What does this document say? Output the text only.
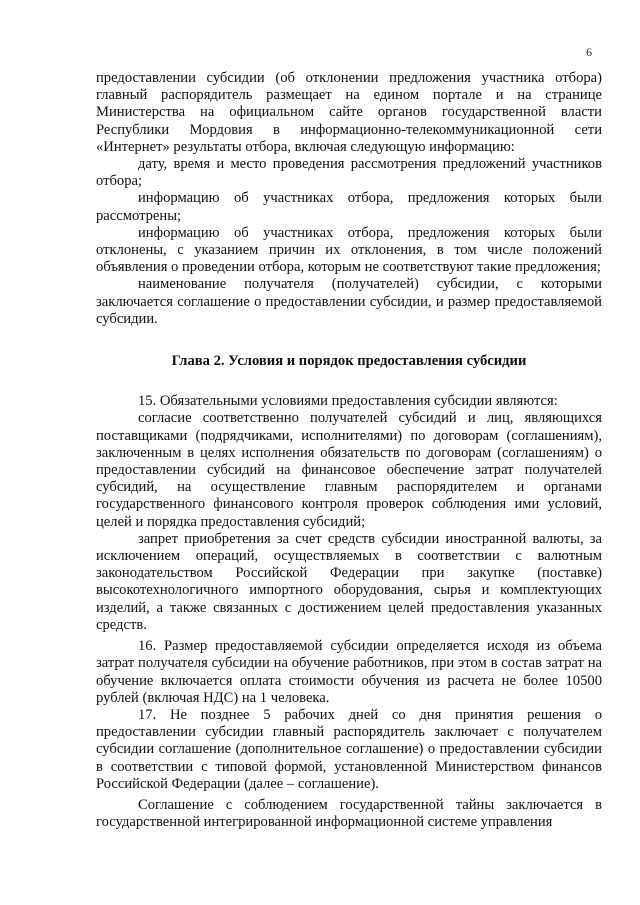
6

предоставлении субсидии (об отклонении предложения участника отбора) главный распорядитель размещает на едином портале и на странице Министерства на официальном сайте органов государственной власти Республики Мордовия в информационно-телекоммуникационной сети «Интернет» результаты отбора, включая следующую информацию:

дату, время и место проведения рассмотрения предложений участников отбора;

информацию об участниках отбора, предложения которых были рассмотрены;

информацию об участниках отбора, предложения которых были отклонены, с указанием причин их отклонения, в том числе положений объявления о проведении отбора, которым не соответствуют такие предложения;

наименование получателя (получателей) субсидии, с которыми заключается соглашение о предоставлении субсидии, и размер предоставляемой субсидии.

Глава 2. Условия и порядок предоставления субсидии

15. Обязательными условиями предоставления субсидии являются:

согласие соответственно получателей субсидий и лиц, являющихся поставщиками (подрядчиками, исполнителями) по договорам (соглашениям), заключенным в целях исполнения обязательств по договорам (соглашениям) о предоставлении субсидий на финансовое обеспечение затрат получателей субсидий, на осуществление главным распорядителем и органами государственного финансового контроля проверок соблюдения ими условий, целей и порядка предоставления субсидий;

запрет приобретения за счет средств субсидии иностранной валюты, за исключением операций, осуществляемых в соответствии с валютным законодательством Российской Федерации при закупке (поставке) высокотехнологичного импортного оборудования, сырья и комплектующих изделий, а также связанных с достижением целей предоставления указанных средств.

16. Размер предоставляемой субсидии определяется исходя из объема затрат получателя субсидии на обучение работников, при этом в состав затрат на обучение включается оплата стоимости обучения из расчета не более 10500 рублей (включая НДС) на 1 человека.

17. Не позднее 5 рабочих дней со дня принятия решения о предоставлении субсидии главный распорядитель заключает с получателем субсидии соглашение (дополнительное соглашение) о предоставлении субсидии в соответствии с типовой формой, установленной Министерством финансов Российской Федерации (далее – соглашение).

Соглашение с соблюдением государственной тайны заключается в государственной интегрированной информационной системе управления
